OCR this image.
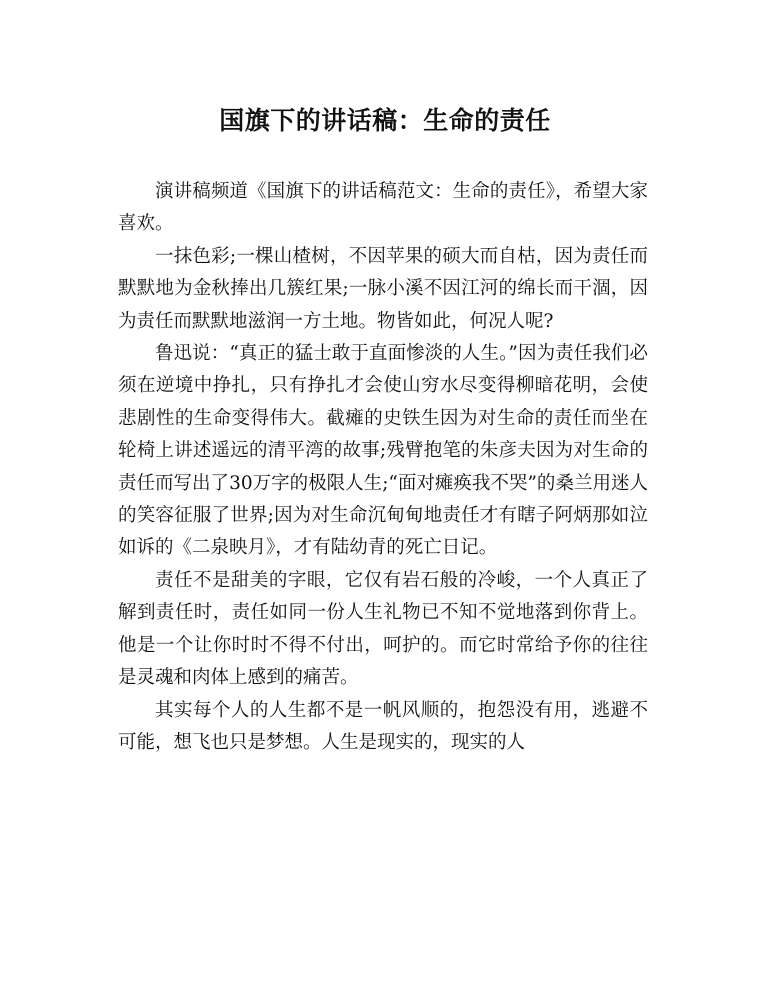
国旗下的讲话稿：生命的责任

演讲稿频道《国旗下的讲话稿范文：生命的责任》，希望大家喜欢。

一抹色彩;一棵山楂树，不因苹果的硕大而自枯，因为责任而默默地为金秋捧出几簇红果;一脉小溪不因江河的绵长而干涸，因为责任而默默地滋润一方土地。物皆如此，何况人呢?

鲁迅说：“真正的猛士敢于直面惨淡的人生。”因为责任我们必须在逆境中挣扎，只有挣扎才会使山穷水尽变得柳暗花明，会使悲剧性的生命变得伟大。截瘫的史铁生因为对生命的责任而坐在轮椅上讲述遥远的清平湾的故事;残臂抱笔的朱彦夫因为对生命的责任而写出了30万字的极限人生;“面对瘫痪我不哭”的桑兰用迷人的笑容征服了世界;因为对生命沉甸甸地责任才有瞎子阿炳那如泣如诉的《二泉映月》，才有陆幼青的死亡日记。

责任不是甜美的字眼，它仅有岩石般的冷峻，一个人真正了解到责任时，责任如同一份人生礼物已不知不觉地落到你背上。他是一个让你时时不得不付出，呵护的。而它时常给予你的往往是灵魂和肉体上感到的痛苦。

其实每个人的人生都不是一帆风顺的，抱怨没有用，逃避不可能，想飞也只是梦想。人生是现实的，现实的人
